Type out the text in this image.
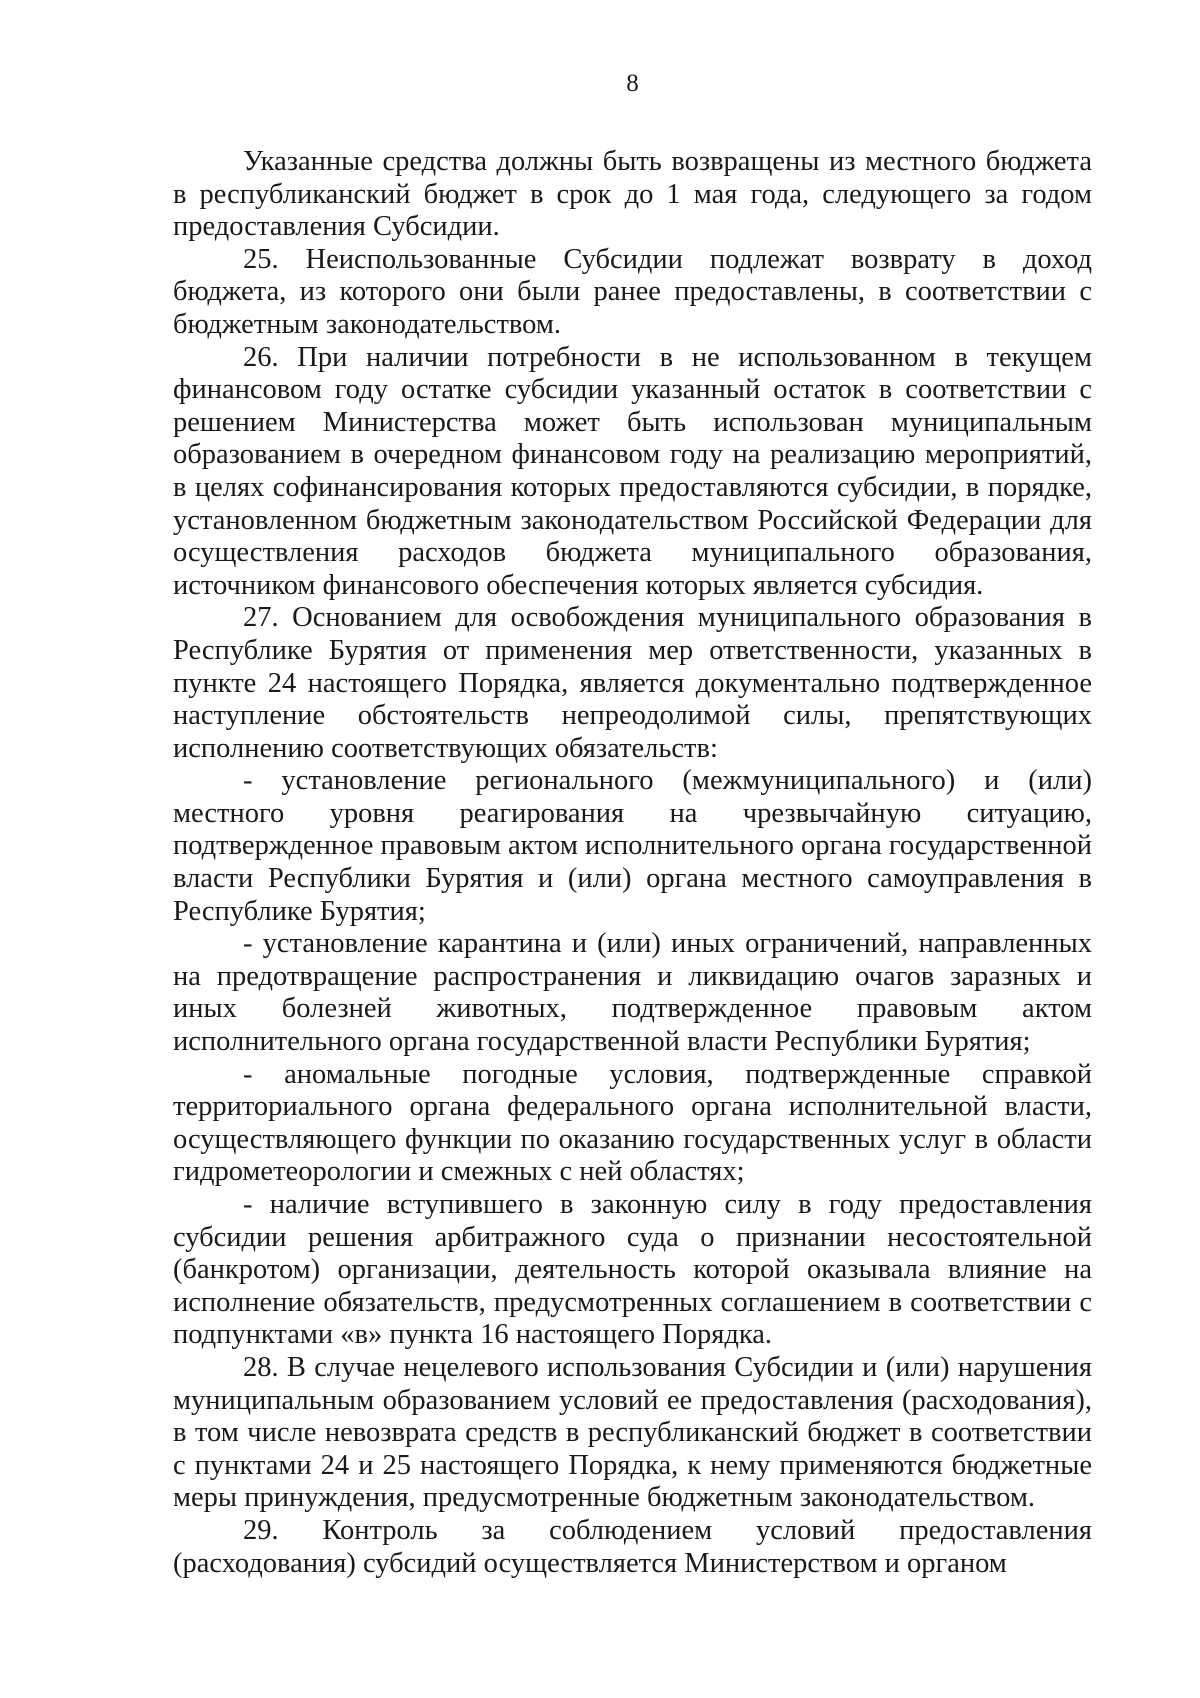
8

Указанные средства должны быть возвращены из местного бюджета в республиканский бюджет в срок до 1 мая года, следующего за годом предоставления Субсидии.

25. Неиспользованные Субсидии подлежат возврату в доход бюджета, из которого они были ранее предоставлены, в соответствии с бюджетным законодательством.

26. При наличии потребности в не использованном в текущем финансовом году остатке субсидии указанный остаток в соответствии с решением Министерства может быть использован муниципальным образованием в очередном финансовом году на реализацию мероприятий, в целях софинансирования которых предоставляются субсидии, в порядке, установленном бюджетным законодательством Российской Федерации для осуществления расходов бюджета муниципального образования, источником финансового обеспечения которых является субсидия.

27. Основанием для освобождения муниципального образования в Республике Бурятия от применения мер ответственности, указанных в пункте 24 настоящего Порядка, является документально подтвержденное наступление обстоятельств непреодолимой силы, препятствующих исполнению соответствующих обязательств:

- установление регионального (межмуниципального) и (или) местного уровня реагирования на чрезвычайную ситуацию, подтвержденное правовым актом исполнительного органа государственной власти Республики Бурятия и (или) органа местного самоуправления в Республике Бурятия;

- установление карантина и (или) иных ограничений, направленных на предотвращение распространения и ликвидацию очагов заразных и иных болезней животных, подтвержденное правовым актом исполнительного органа государственной власти Республики Бурятия;

- аномальные погодные условия, подтвержденные справкой территориального органа федерального органа исполнительной власти, осуществляющего функции по оказанию государственных услуг в области гидрометеорологии и смежных с ней областях;

- наличие вступившего в законную силу в году предоставления субсидии решения арбитражного суда о признании несостоятельной (банкротом) организации, деятельность которой оказывала влияние на исполнение обязательств, предусмотренных соглашением в соответствии с подпунктами «в» пункта 16 настоящего Порядка.

28. В случае нецелевого использования Субсидии и (или) нарушения муниципальным образованием условий ее предоставления (расходования), в том числе невозврата средств в республиканский бюджет в соответствии с пунктами 24 и 25 настоящего Порядка, к нему применяются бюджетные меры принуждения, предусмотренные бюджетным законодательством.

29. Контроль за соблюдением условий предоставления (расходования) субсидий осуществляется Министерством и органом
